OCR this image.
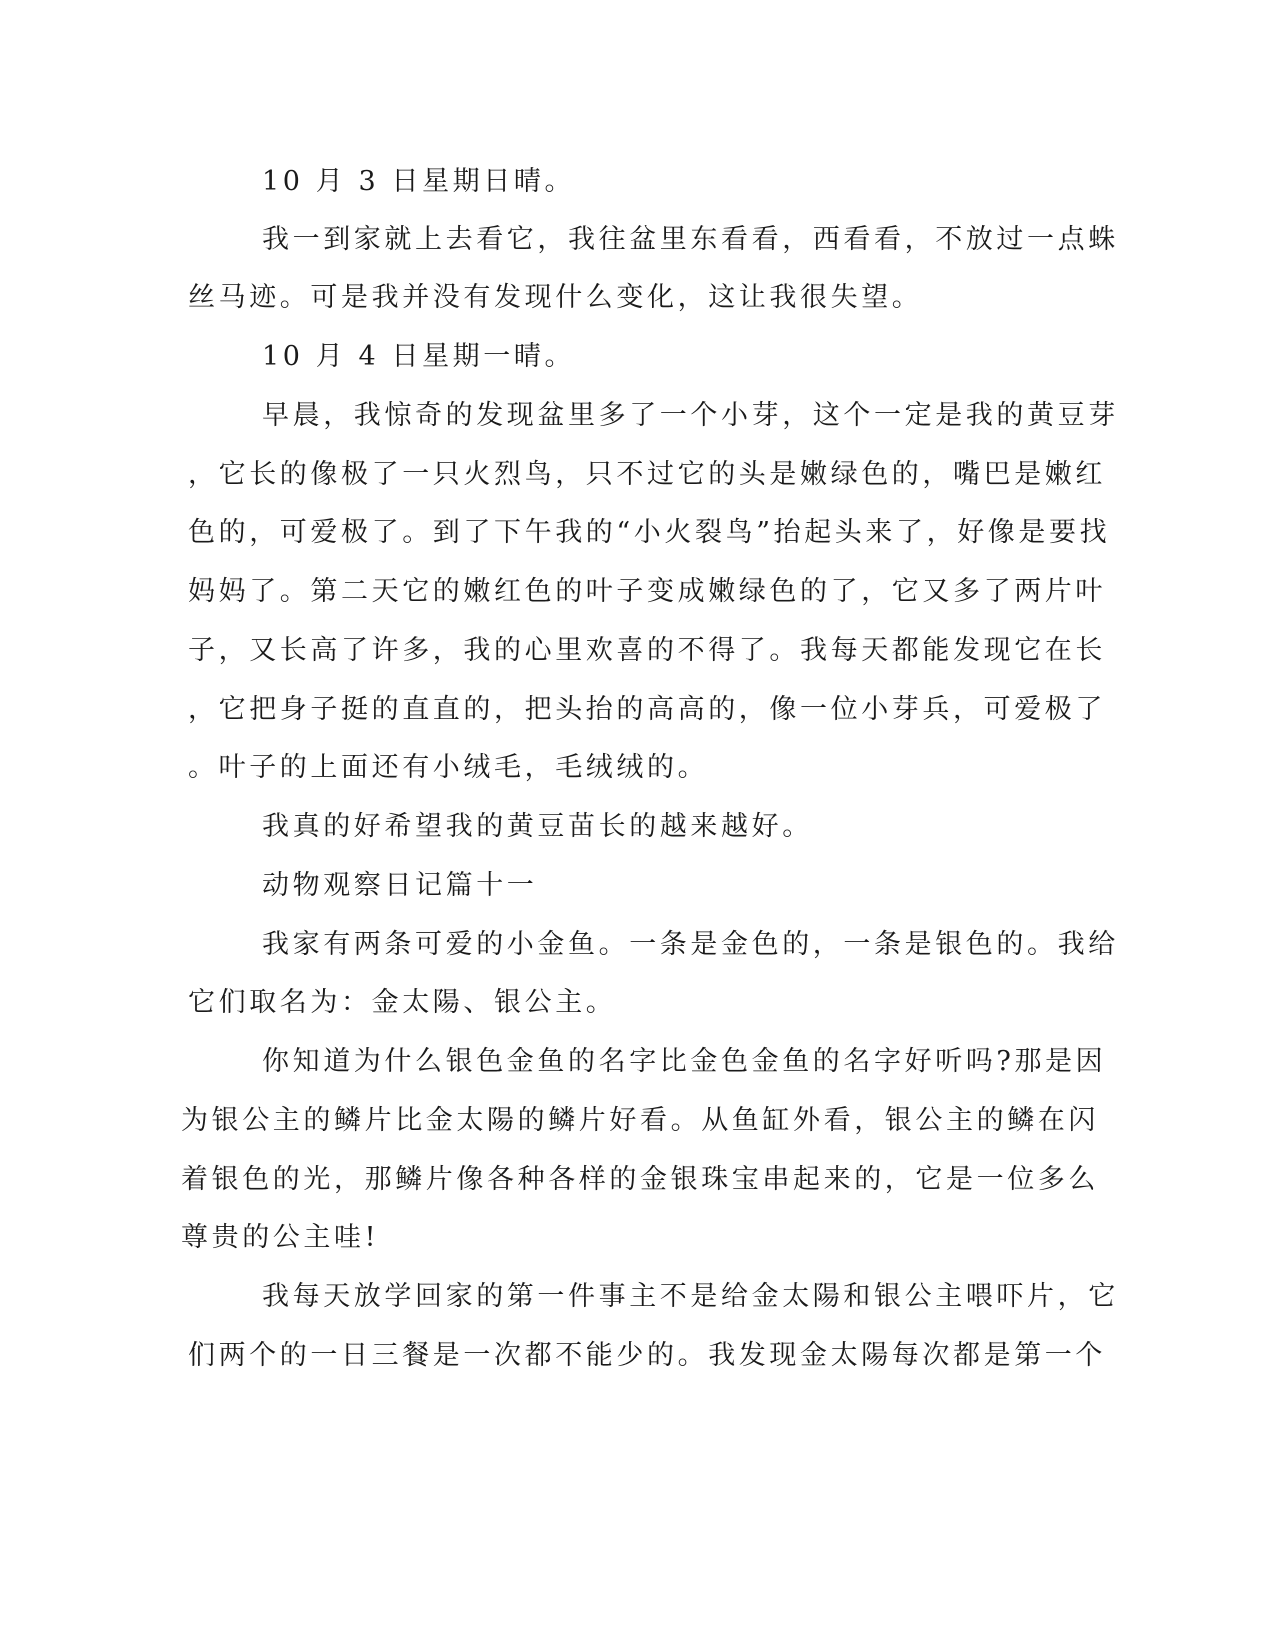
10 月 3 日星期日晴。
我一到家就上去看它，我往盆里东看看，西看看，不放过一点蛛
丝马迹。可是我并没有发现什么变化，这让我很失望。
10 月 4 日星期一晴。
早晨，我惊奇的发现盆里多了一个小芽，这个一定是我的黄豆芽
，它长的像极了一只火烈鸟，只不过它的头是嫩绿色的，嘴巴是嫩红
色的，可爱极了。到了下午我的“小火裂鸟”抬起头来了，好像是要找
妈妈了。第二天它的嫩红色的叶子变成嫩绿色的了，它又多了两片叶
子，又长高了许多，我的心里欢喜的不得了。我每天都能发现它在长
，它把身子挺的直直的，把头抬的高高的，像一位小芽兵，可爱极了
。叶子的上面还有小绒毛，毛绒绒的。
我真的好希望我的黄豆苗长的越来越好。
动物观察日记篇十一
我家有两条可爱的小金鱼。一条是金色的，一条是银色的。我给
它们取名为：金太陽、银公主。
你知道为什么银色金鱼的名字比金色金鱼的名字好听吗?那是因
为银公主的鳞片比金太陽的鳞片好看。从鱼缸外看，银公主的鳞在闪
着银色的光，那鳞片像各种各样的金银珠宝串起来的，它是一位多么
尊贵的公主哇!
我每天放学回家的第一件事主不是给金太陽和银公主喂吓片，它
们两个的一日三餐是一次都不能少的。我发现金太陽每次都是第一个
